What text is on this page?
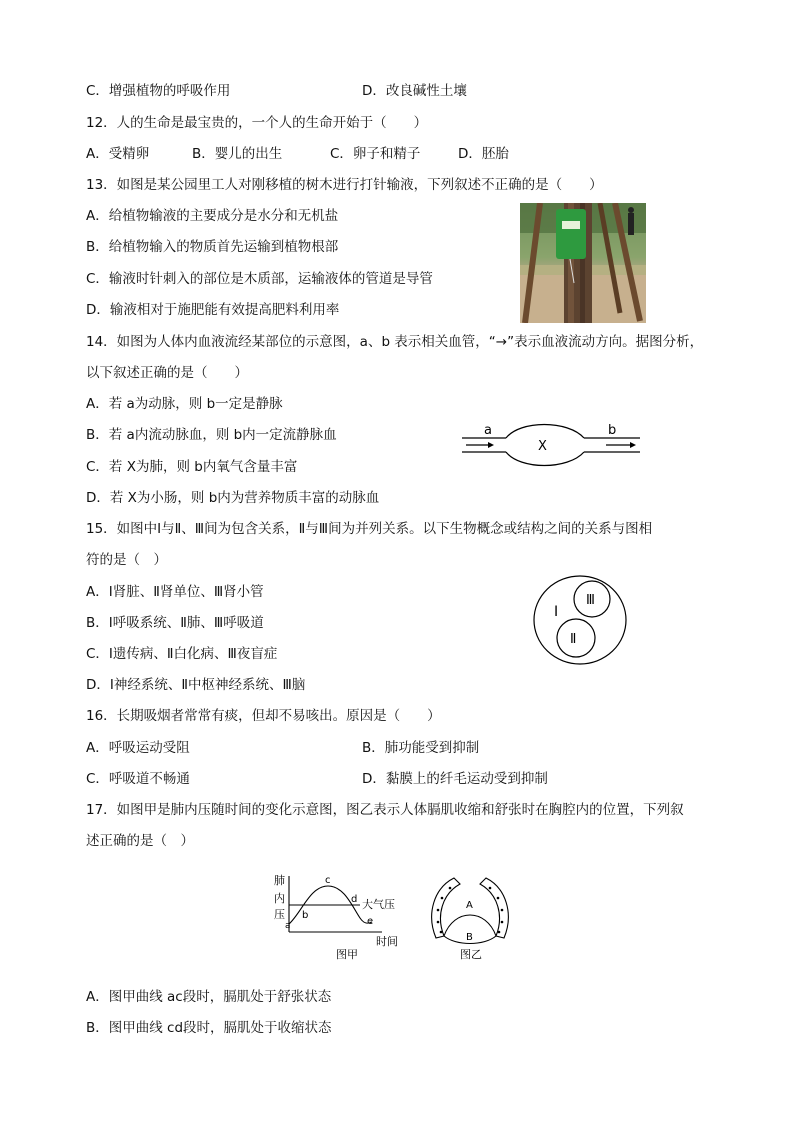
C．增强植物的呼吸作用	D．改良碱性土壤
12．人的生命是最宝贵的，一个人的生命开始于（　　）
A．受精卵	B．婴儿的出生	C．卵子和精子	D．胚胎
13．如图是某公园里工人对刚移植的树木进行打针输液，下列叙述不正确的是（　　）
A．给植物输液的主要成分是水分和无机盐
B．给植物输入的物质首先运输到植物根部
C．输液时针刺入的部位是木质部，运输液体的管道是导管
D．输液相对于施肥能有效提高肥料利用率
14．如图为人体内血液流经某部位的示意图，a、b 表示相关血管，“→”表示血液流动方向。据图分析，
以下叙述正确的是（　　）
A．若 a为动脉，则 b一定是静脉
B．若 a内流动脉血，则 b内一定流静脉血
C．若 X为肺，则 b内氧气含量丰富
D．若 X为小肠，则 b内为营养物质丰富的动脉血
a	b
X
15．如图中Ⅰ与Ⅱ、Ⅲ间为包含关系，Ⅱ与Ⅲ间为并列关系。以下生物概念或结构之间的关系与图相
符的是（　）
A．Ⅰ肾脏、Ⅱ肾单位、Ⅲ肾小管
B．Ⅰ呼吸系统、Ⅱ肺、Ⅲ呼吸道
C．Ⅰ遗传病、Ⅱ白化病、Ⅲ夜盲症
D．Ⅰ神经系统、Ⅱ中枢神经系统、Ⅲ脑
Ⅰ
Ⅲ
Ⅱ
16．长期吸烟者常常有痰，但却不易咳出。原因是（　　）
A．呼吸运动受阻	B．肺功能受到抑制
C．呼吸道不畅通	D．黏膜上的纤毛运动受到抑制
17．如图甲是肺内压随时间的变化示意图，图乙表示人体膈肌收缩和舒张时在胸腔内的位置，下列叙
述正确的是（　）
肺
内
压
大气压
a
b
c
d
e
时间
图甲
A
B
图乙
A．图甲曲线 ac段时，膈肌处于舒张状态
B．图甲曲线 cd段时，膈肌处于收缩状态
